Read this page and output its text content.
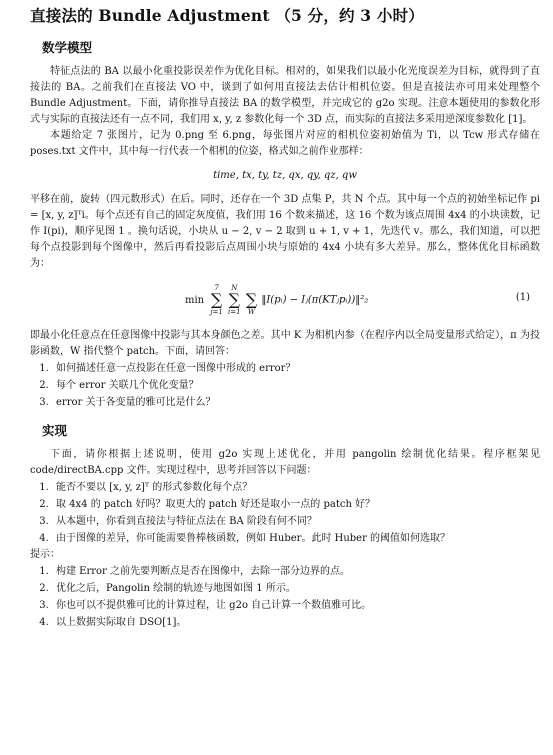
直接法的 Bundle Adjustment （5 分，约 3 小时）
数学模型

特征点法的 BA 以最小化重投影误差作为优化目标。相对的，如果我们以最小化光度误差为目标，就得到了直接法的 BA。之前我们在直接法 VO 中，谈到了如何用直接法去估计相机位姿。但是直接法亦可用来处理整个 Bundle Adjustment。下面，请你推导直接法 BA 的数学模型，并完成它的 g2o 实现。注意本题使用的参数化形式与实际的直接法还有一点不同，我们用 x, y, z 参数化每一个 3D 点，而实际的直接法多采用逆深度参数化 [1]。

本题给定 7 张图片，记为 0.png 至 6.png，每张图片对应的相机位姿初始值为 Ti，以 Tcw 形式存储在 poses.txt 文件中，其中每一行代表一个相机的位姿，格式如之前作业那样：

time, tx, ty, tz, qx, qy, qz, qw

平移在前，旋转（四元数形式）在后。同时，还存在一个 3D 点集 P，共 N 个点。其中每一个点的初始坐标记作 pi = [x, y, z]ᵀi。每个点还有自己的固定灰度值，我们用 16 个数来描述，这 16 个数为该点周围 4x4 的小块读数，记作 I(pi)，顺序见图 1 。换句话说，小块从 u − 2, v − 2 取到 u + 1, v + 1，先迭代 v。那么，我们知道，可以把每个点投影到每个图像中，然后再看投影后点周围小块与原始的 4x4 小块有多大差异。那么，整体优化目标函数为：

min
7
∑
j=1

N
∑
i=1

∑
W
‖I(pᵢ) − Iⱼ(π(KTⱼpᵢ))‖²₂	(1)

即最小化任意点在任意图像中投影与其本身颜色之差。其中 K 为相机内参（在程序内以全局变量形式给定），π 为投影函数，W 指代整个 patch。下面，请回答：

1. 如何描述任意一点投影在任意一图像中形成的 error？
2. 每个 error 关联几个优化变量？
3. error 关于各变量的雅可比是什么？
实现

下面，请你根据上述说明，使用 g2o 实现上述优化，并用 pangolin 绘制优化结果。程序框架见 code/directBA.cpp 文件。实现过程中，思考并回答以下问题：

1. 能否不要以 [x, y, z]ᵀ 的形式参数化每个点？
2. 取 4x4 的 patch 好吗？取更大的 patch 好还是取小一点的 patch 好？
3. 从本题中，你看到直接法与特征点法在 BA 阶段有何不同？
4. 由于图像的差异，你可能需要鲁棒核函数，例如 Huber。此时 Huber 的阈值如何选取？
提示：
1. 构建 Error 之前先要判断点是否在图像中，去除一部分边界的点。
2. 优化之后，Pangolin 绘制的轨迹与地图如图 1 所示。
3. 你也可以不提供雅可比的计算过程，让 g2o 自己计算一个数值雅可比。
4. 以上数据实际取自 DSO[1]。
